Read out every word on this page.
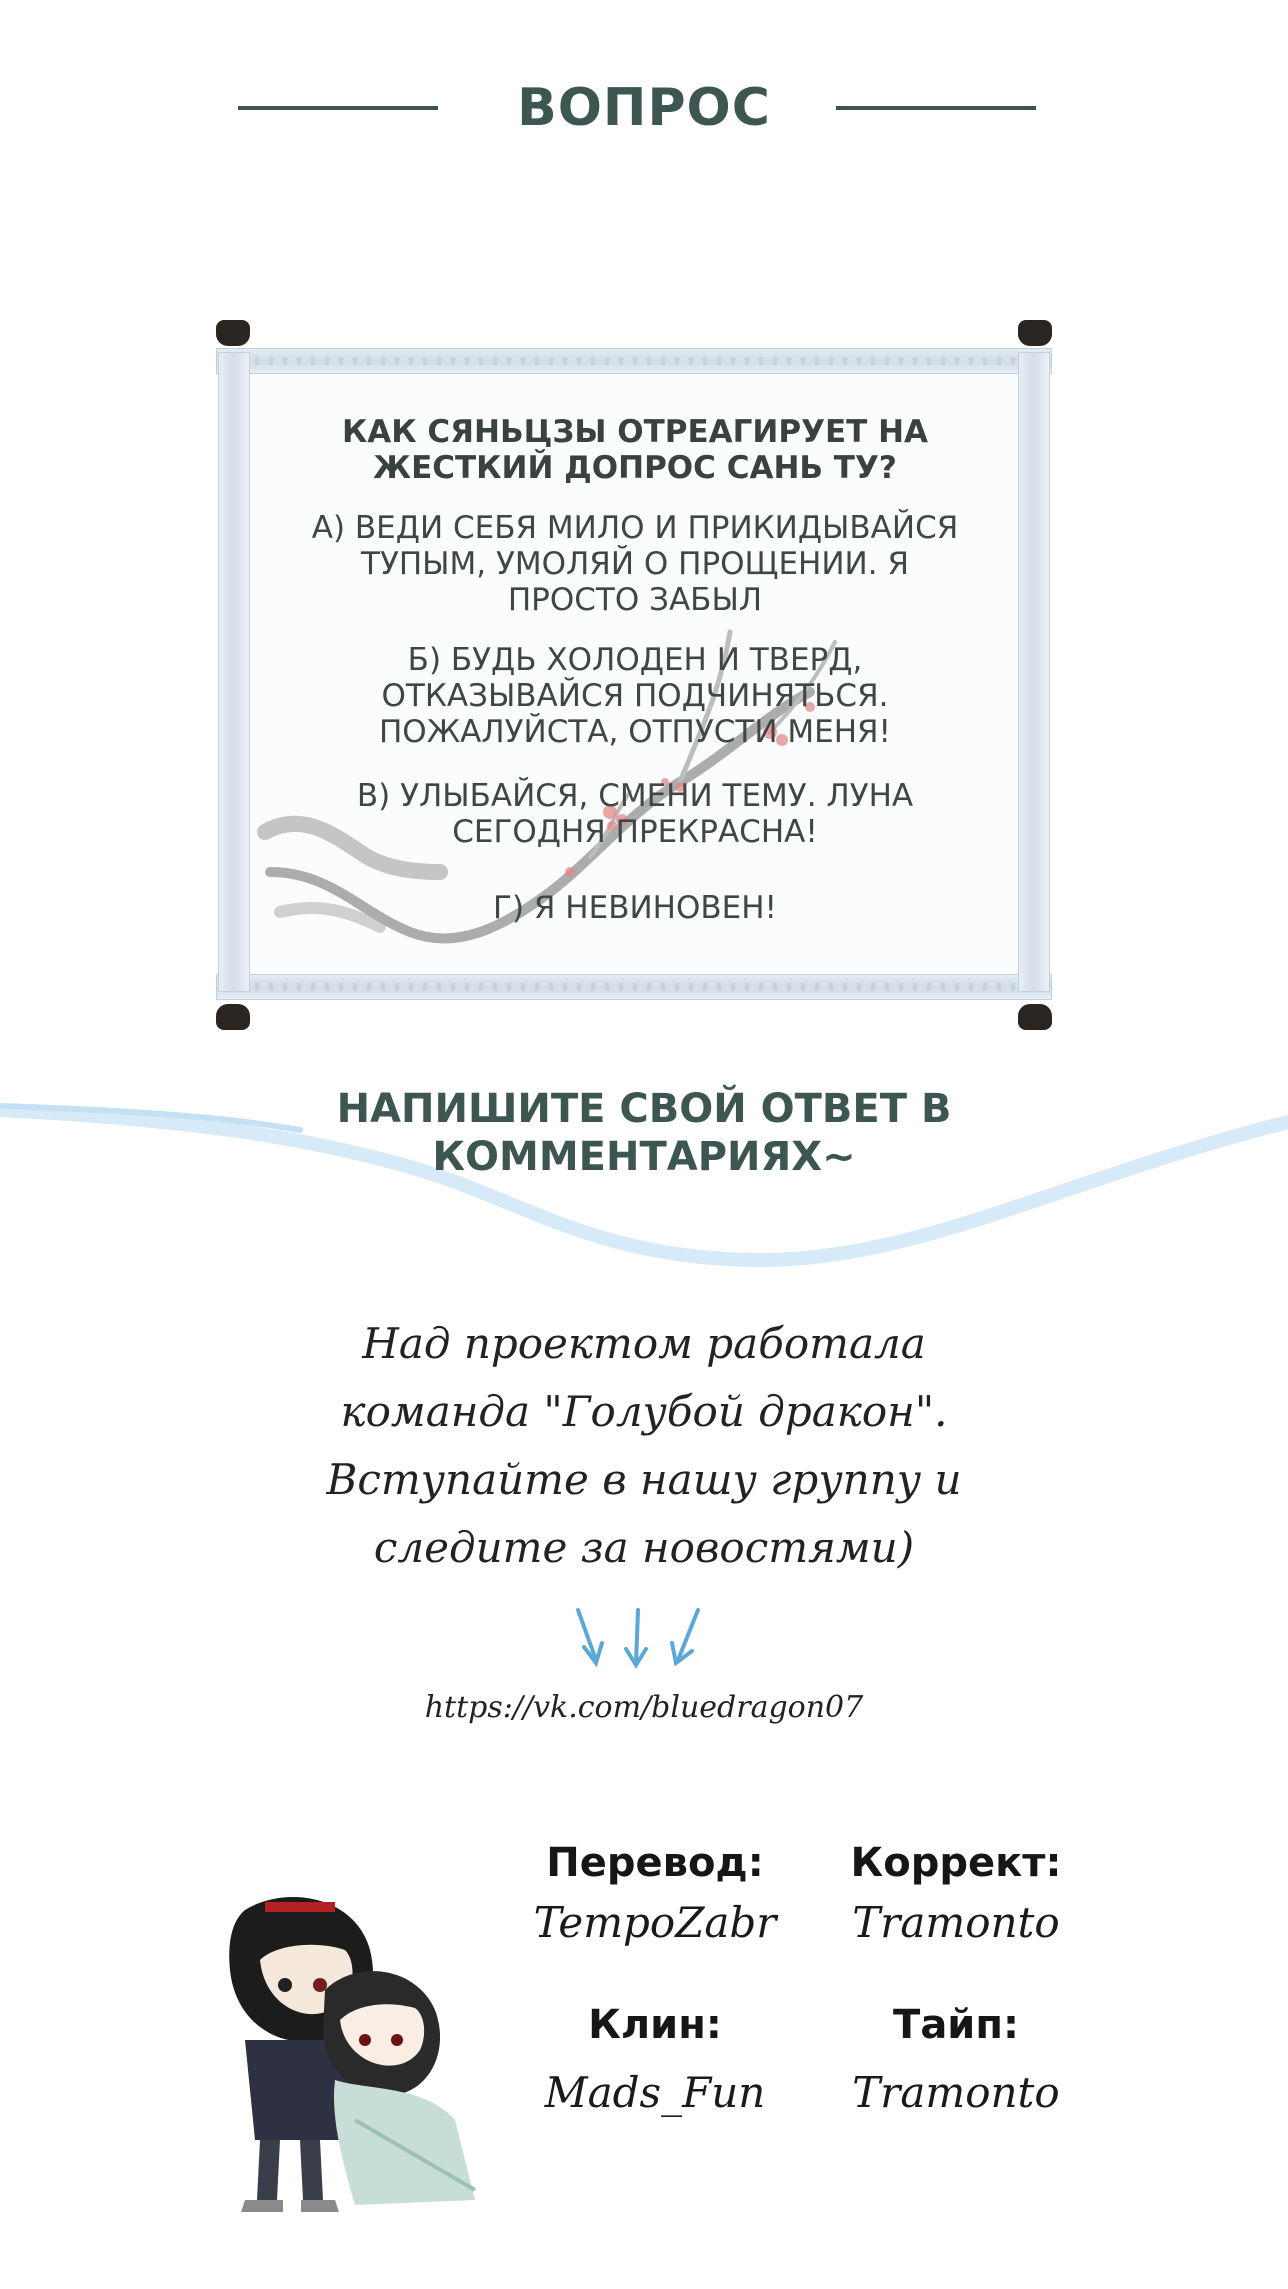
ВОПРОС
КАК СЯНЬЦЗЫ ОТРЕАГИРУЕТ НА ЖЕСТКИЙ ДОПРОС САНЬ ТУ?
А) ВЕДИ СЕБЯ МИЛО И ПРИКИДЫВАЙСЯ ТУПЫМ, УМОЛЯЙ О ПРОЩЕНИИ. Я ПРОСТО ЗАБЫЛ
Б) БУДЬ ХОЛОДЕН И ТВЕРД, ОТКАЗЫВАЙСЯ ПОДЧИНЯТЬСЯ. ПОЖАЛУЙСТА, ОТПУСТИ МЕНЯ!
В) УЛЫБАЙСЯ, СМЕНИ ТЕМУ. ЛУНА СЕГОДНЯ ПРЕКРАСНА!
Г) Я НЕВИНОВЕН!
НАПИШИТЕ СВОЙ ОТВЕТ В КОММЕНТАРИЯХ~
Над проектом работала
команда "Голубой дракон".
Вступайте в нашу группу и
следите за новостями)
https://vk.com/bluedragon07
Перевод:
TempoZabr
Коррект:
Tramonto
Клин:
Mads_Fun
Тайп:
Tramonto
